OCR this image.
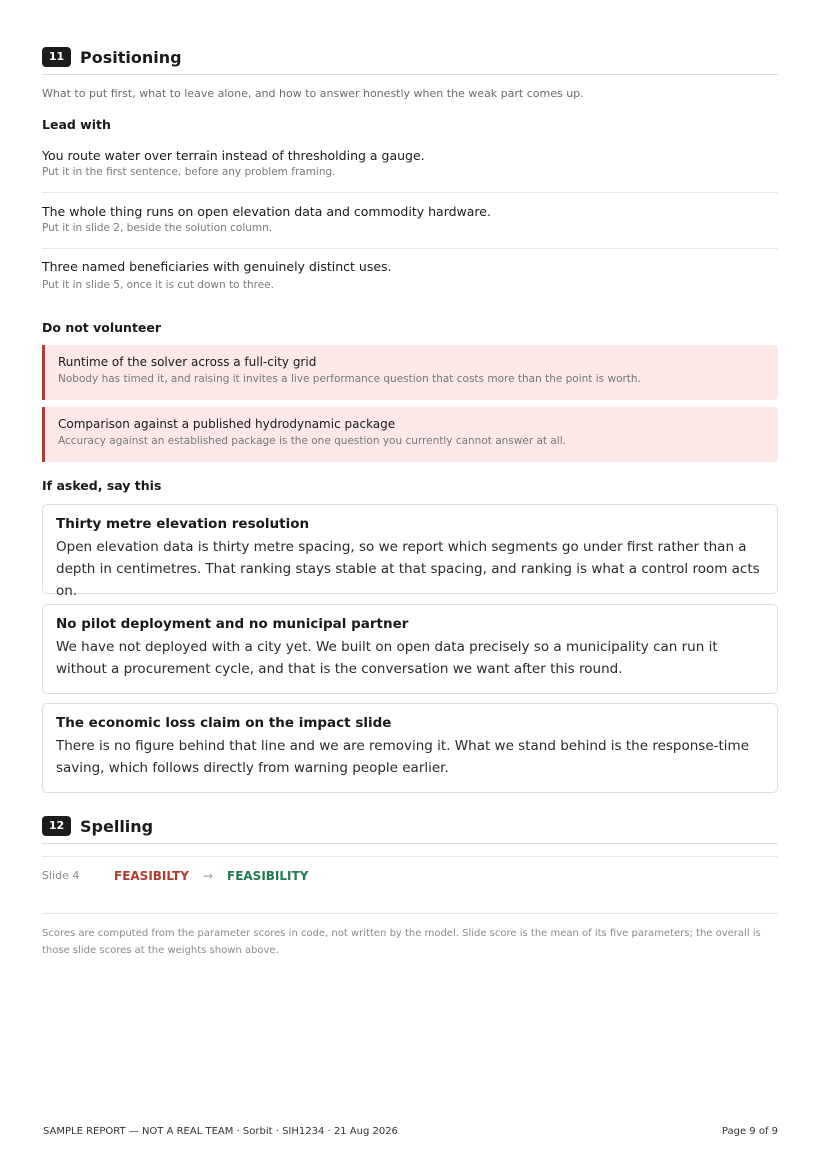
11 Positioning
What to put first, what to leave alone, and how to answer honestly when the weak part comes up.
Lead with
You route water over terrain instead of thresholding a gauge.
Put it in the first sentence, before any problem framing.
The whole thing runs on open elevation data and commodity hardware.
Put it in slide 2, beside the solution column.
Three named beneficiaries with genuinely distinct uses.
Put it in slide 5, once it is cut down to three.
Do not volunteer
Runtime of the solver across a full-city grid
Nobody has timed it, and raising it invites a live performance question that costs more than the point is worth.
Comparison against a published hydrodynamic package
Accuracy against an established package is the one question you currently cannot answer at all.
If asked, say this
Thirty metre elevation resolution
Open elevation data is thirty metre spacing, so we report which segments go under first rather than a depth in centimetres. That ranking stays stable at that spacing, and ranking is what a control room acts on.
No pilot deployment and no municipal partner
We have not deployed with a city yet. We built on open data precisely so a municipality can run it without a procurement cycle, and that is the conversation we want after this round.
The economic loss claim on the impact slide
There is no figure behind that line and we are removing it. What we stand behind is the response-time saving, which follows directly from warning people earlier.
12 Spelling
Slide 4	FEASIBILTY → FEASIBILITY
Scores are computed from the parameter scores in code, not written by the model. Slide score is the mean of its five parameters; the overall is those slide scores at the weights shown above.
SAMPLE REPORT — NOT A REAL TEAM · Sorbit · SIH1234 · 21 Aug 2026	Page 9 of 9
